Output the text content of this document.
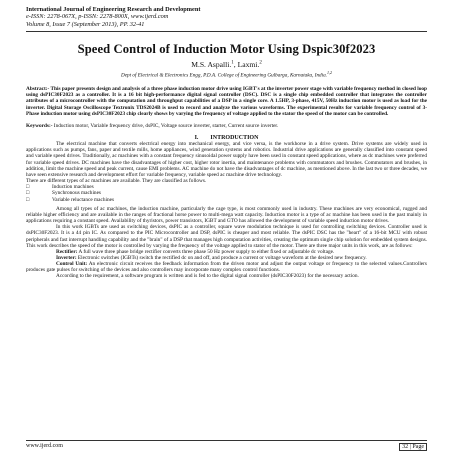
International Journal of Engineering Research and Development
e-ISSN: 2278-067X, p-ISSN: 2278-800X, www.ijerd.com
Volume 8, Issue 7 (September 2013), PP. 32-41
Speed Control of Induction Motor Using Dspic30f2023
M.S. Aspalli.$^1$, Laxmi.$^2$
Dept of Electrical & Electronics Engg, P.D.A. College of Engineering Gulbarga, Karnataka, India.$^{1,2}$
Abstract:- This paper presents design and analysis of a three phase induction motor drive using IGBT's at the inverter power stage with variable frequency method in closed loop using dsPIC30F2023 as a controller. It is a 16 bit high-performance digital signal controller (DSC). DSC is a single chip embedded controller that integrates the controller attributes of a microcontroller with the computation and throughput capabilities of a DSP in a single core. A 1.5HP, 3-phase, 415V, 50Hz induction motor is used as load for the inverter. Digital Storage Oscilloscope Textronix TDS2024B is used to record and analyze the various waveforms. The experimental results for variable frequency control of 3-Phase induction motor using dsPIC30F2023 chip clearly shows by varying the frequency of voltage applied to the stator the speed of the motor can be controlled.
Keywords:- Induction motor, Variable frequency drive, dsPIC, Voltage source inverter, starter, Current source inverter.
I.        INTRODUCTION

The electrical machine that converts electrical energy into mechanical energy, and vice versa, is the workhorse in a drive system. Drive systems are widely used in applications such as pumps, fans, paper and textile mills, home appliances, wind generation systems and robotics. Industrial drive applications are generally classified into constant speed and variable speed drives. Traditionally, ac machines with a constant frequency sinusoidal power supply have been used in constant speed applications, where as dc machines were preferred for variable speed drives. DC machines have the disadvantages of higher cost, higher rotor inertia, and maintenance problems with commutators and brushes. Commutators and brushes, in addition, limit the machine speed and peak current, cause EMI problems. AC machine do not have the disadvantages of dc machine, as mentioned above. In the last two or three decades, we have seen extensive research and development effort for variable frequency, variable speed ac machine drive technology.

There are different types of ac machines are available. They are classified as follows.

□	Induction machines
□	Synchronous machines
□	Variable reluctance machines

Among all types of ac machines, the induction machine, particularly the cage type, is most commonly used in industry. These machines are very economical, rugged and reliable higher efficiency and are available in the ranges of fractional horse power to multi-mega watt capacity. Induction motor is a type of ac machine has been used in the past mainly in applications requiring a constant speed. Availability of thyristors, power transistors, IGBT and GTO has allowed the development of variable speed induction motor drives.

In this work IGBTs are used as switching devices, dsPIC as a controller, square wave modulation technique is used for controlling switching devices. Controller used is dsPIC30F2023. It is a 44 pin IC. As compared to the PIC Microcontroller and DSP, dsPIC is cheaper and most reliable. The dsPIC DSC has the "heart" of a 16-bit MCU with robust peripherals and fast interrupt handling capability and the "brain" of a DSP that manages high computation activities, creating the optimum single chip solution for embedded system designs. This work describes the speed of the motor is controlled by varying the frequency of the voltage applied to stator of the motor. There are three major units in this work, are as follows:

Rectifier: A full wave three phase bridge rectifier converts three phase 50 Hz power supply to either fixed or adjustable dc voltage.

Inverter: Electronic switches (IGBTs) switch the rectified dc on and off, and produce a current or voltage waveform at the desired new frequency.

Control Unit: An electronic circuit receives the feedback information from the driven motor and adjust the output voltage or frequency to the selected values.Controllers produces gate pulses for switching of the devices and also controllers may incorporate many complex control functions.

According to the requirement, a software program is written and is fed to the digital signal controller (dsPIC30F2023) for the necessary action.

www.ijerd.com	32 | Page
